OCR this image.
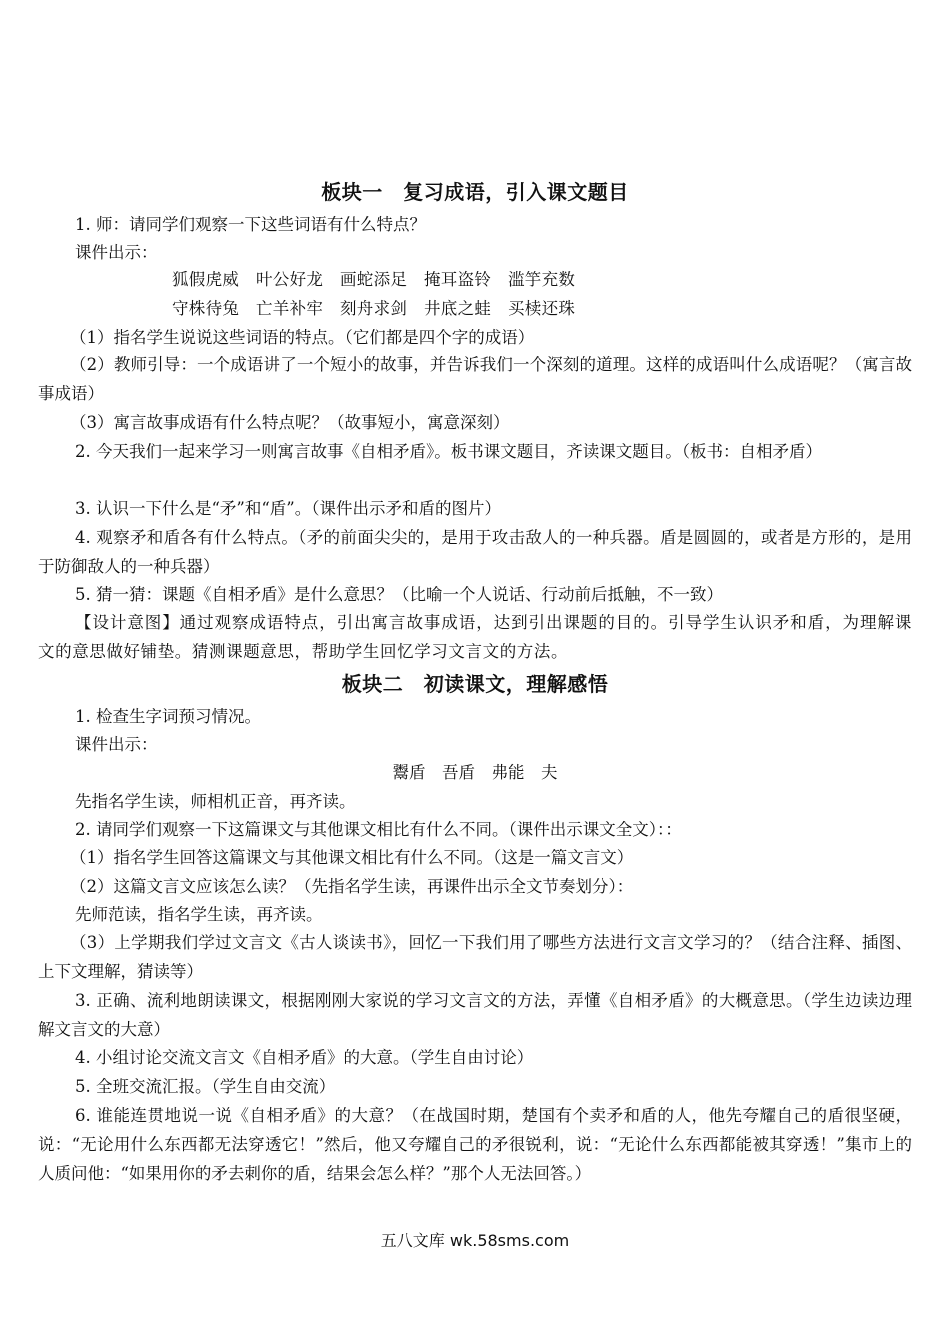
板块一　复习成语，引入课文题目

1. 师：请同学们观察一下这些词语有什么特点？

课件出示：

狐假虎威　叶公好龙　画蛇添足　掩耳盗铃　滥竽充数
守株待兔　亡羊补牢　刻舟求剑　井底之蛙　买椟还珠

（1）指名学生说说这些词语的特点。（它们都是四个字的成语）

（2）教师引导：一个成语讲了一个短小的故事，并告诉我们一个深刻的道理。这样的成语叫什么成语呢？（寓言故事成语）

（3）寓言故事成语有什么特点呢？（故事短小，寓意深刻）

2. 今天我们一起来学习一则寓言故事《自相矛盾》。板书课文题目，齐读课文题目。（板书：自相矛盾）

3. 认识一下什么是“矛”和“盾”。（课件出示矛和盾的图片）

4. 观察矛和盾各有什么特点。（矛的前面尖尖的，是用于攻击敌人的一种兵器。盾是圆圆的，或者是方形的，是用于防御敌人的一种兵器）

5. 猜一猜：课题《自相矛盾》是什么意思？（比喻一个人说话、行动前后抵触，不一致）

【设计意图】通过观察成语特点，引出寓言故事成语，达到引出课题的目的。引导学生认识矛和盾，为理解课文的意思做好铺垫。猜测课题意思，帮助学生回忆学习文言文的方法。

板块二　初读课文，理解感悟

1. 检查生字词预习情况。

课件出示：

鬻盾　吾盾　弗能　夫

先指名学生读，师相机正音，再齐读。

2. 请同学们观察一下这篇课文与其他课文相比有什么不同。（课件出示课文全文）：：

（1）指名学生回答这篇课文与其他课文相比有什么不同。（这是一篇文言文）

（2）这篇文言文应该怎么读？（先指名学生读，再课件出示全文节奏划分）：

先师范读，指名学生读，再齐读。

（3）上学期我们学过文言文《古人谈读书》，回忆一下我们用了哪些方法进行文言文学习的？（结合注释、插图、上下文理解，猜读等）

3. 正确、流利地朗读课文，根据刚刚大家说的学习文言文的方法，弄懂《自相矛盾》的大概意思。（学生边读边理解文言文的大意）

4. 小组讨论交流文言文《自相矛盾》的大意。（学生自由讨论）

5. 全班交流汇报。（学生自由交流）

6. 谁能连贯地说一说《自相矛盾》的大意？（在战国时期，楚国有个卖矛和盾的人，他先夸耀自己的盾很坚硬，说：“无论用什么东西都无法穿透它！”然后，他又夸耀自己的矛很锐利，说：“无论什么东西都能被其穿透！”集市上的人质问他：“如果用你的矛去刺你的盾，结果会怎么样？”那个人无法回答。）

五八文库 wk.58sms.com
